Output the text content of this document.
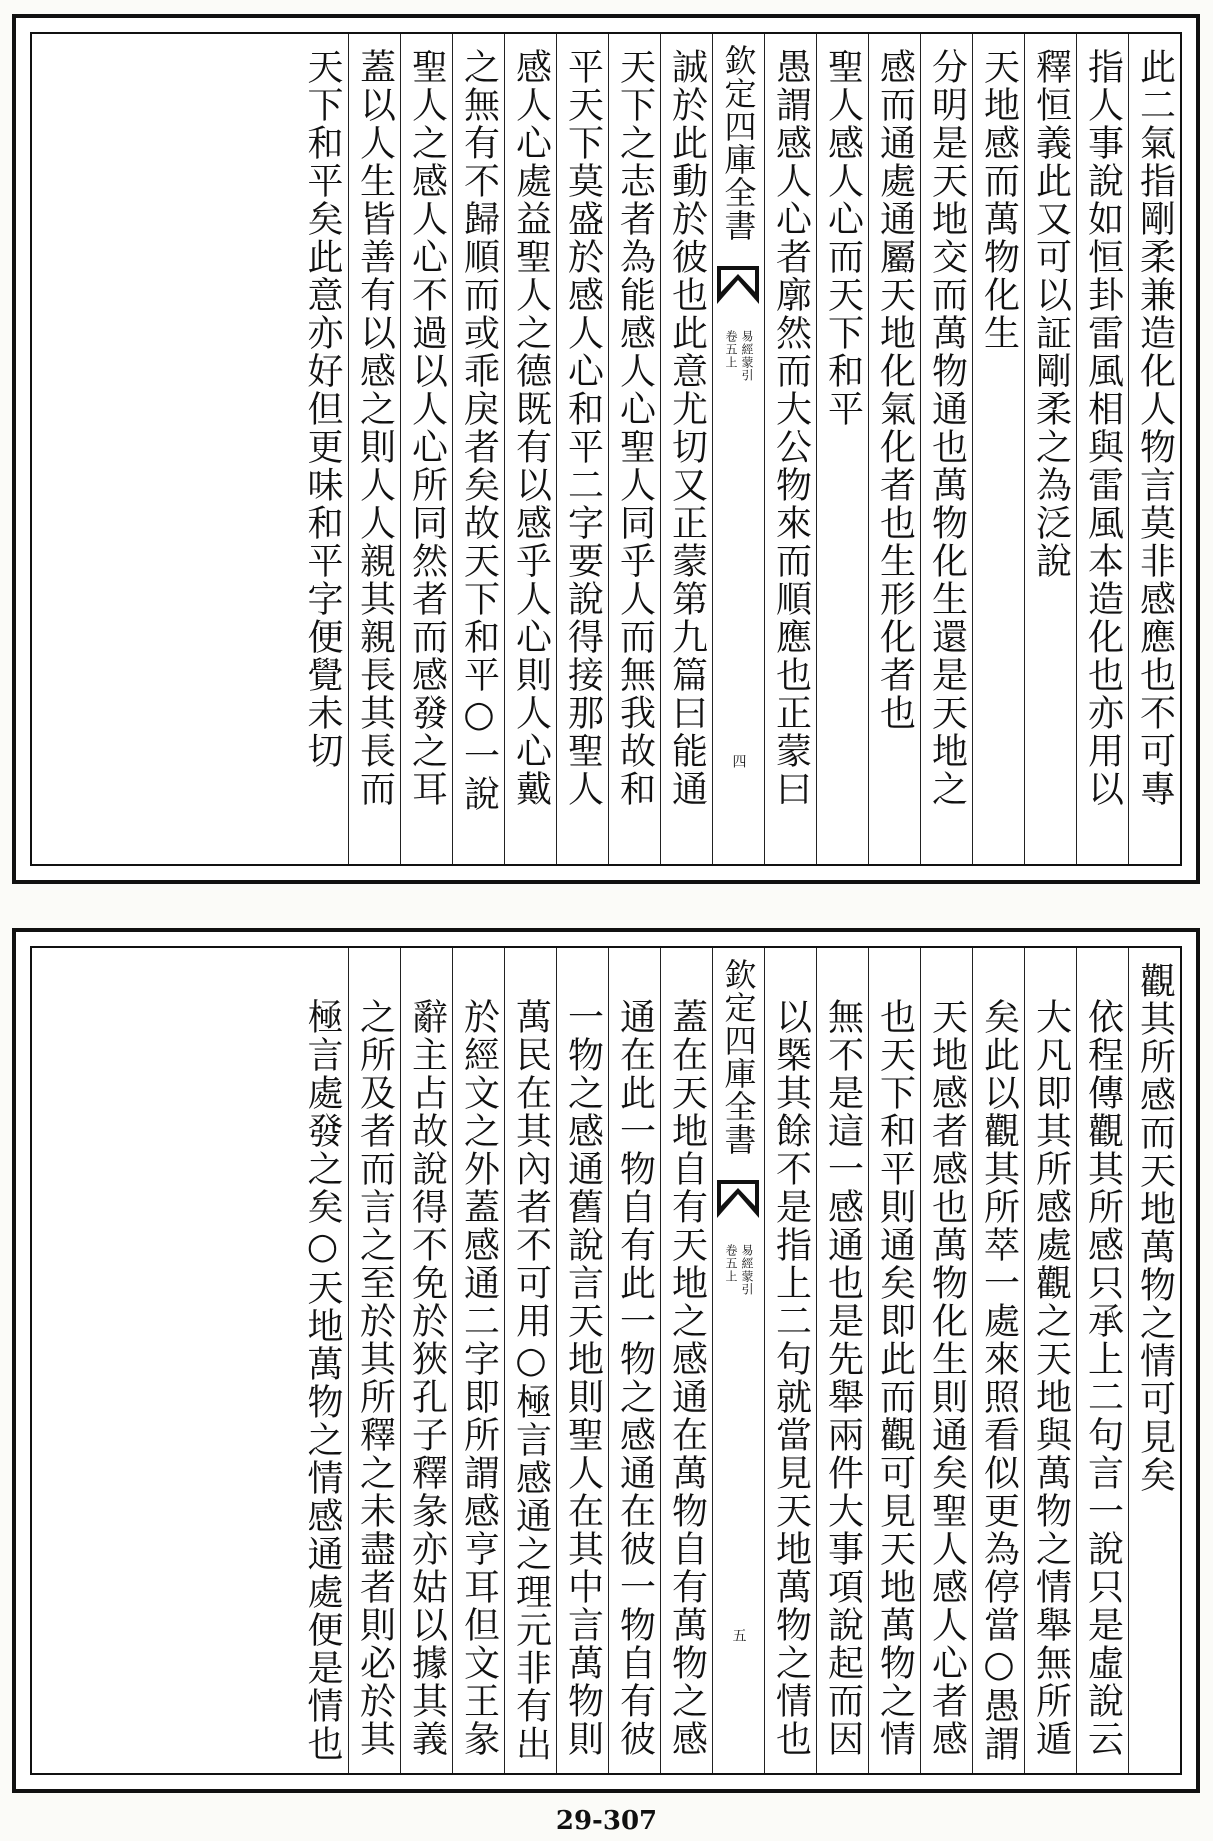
此二氣指剛柔兼造化人物言莫非感應也不可專
指人事說如恒卦雷風相與雷風本造化也亦用以
釋恒義此又可以証剛柔之為泛說
天地感而萬物化生
分明是天地交而萬物通也萬物化生還是天地之
感而通處通屬天地化氣化者也生形化者也
聖人感人心而天下和平
愚謂感人心者廓然而大公物來而順應也正蒙曰
欽定四庫全書
易經蒙引
卷五上
四
誠於此動於彼也此意尤切又正蒙第九篇曰能通
天下之志者為能感人心聖人同乎人而無我故和
平天下莫盛於感人心和平二字要說得接那聖人
感人心處益聖人之德既有以感乎人心則人心戴
之無有不歸順而或乖戾者矣故天下和平○一說
聖人之感人心不過以人心所同然者而感發之耳
蓋以人生皆善有以感之則人人親其親長其長而
天下和平矣此意亦好但更味和平字便覺未切
觀其所感而天地萬物之情可見矣
依程傳觀其所感只承上二句言一說只是虛說云
大凡即其所感處觀之天地與萬物之情舉無所遁
矣此以觀其所萃一處來照看似更為停當○愚謂
天地感者感也萬物化生則通矣聖人感人心者感
也天下和平則通矣即此而觀可見天地萬物之情
無不是這一感通也是先舉兩件大事項說起而因
以槩其餘不是指上二句就當見天地萬物之情也
欽定四庫全書
易經蒙引
卷五上
五
蓋在天地自有天地之感通在萬物自有萬物之感
通在此一物自有此一物之感通在彼一物自有彼
一物之感通舊說言天地則聖人在其中言萬物則
萬民在其內者不可用○極言感通之理元非有出
於經文之外蓋感通二字即所謂感亨耳但文王彖
辭主占故說得不免於狹孔子釋彖亦姑以據其義
之所及者而言之至於其所釋之未盡者則必於其
極言處發之矣○天地萬物之情感通處便是情也
29-307
